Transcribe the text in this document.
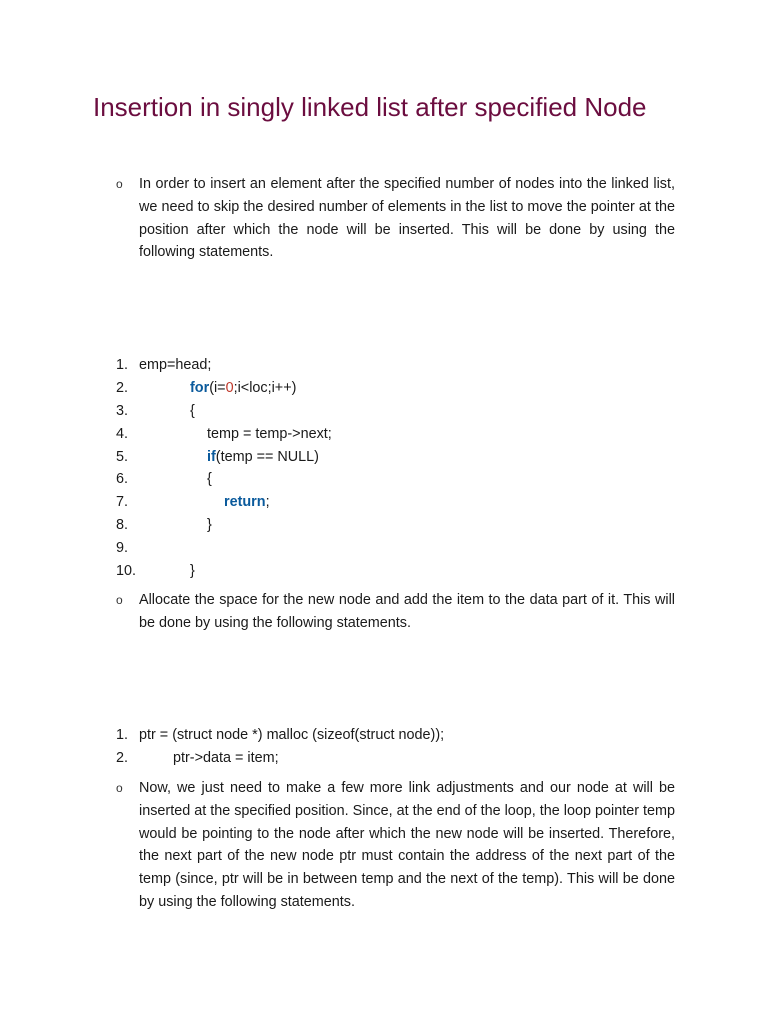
Insertion in singly linked list after specified Node
o In order to insert an element after the specified number of nodes into the linked list, we need to skip the desired number of elements in the list to move the pointer at the position after which the node will be inserted. This will be done by using the following statements.

1. emp=head;
2.	for(i=0;i<loc;i++)
3.	{
4.	temp = temp->next;
5.	if(temp == NULL)
6.	{
7.	return;
8.	}
9.
10.	}
o Allocate the space for the new node and add the item to the data part of it. This will be done by using the following statements.

1. ptr = (struct node *) malloc (sizeof(struct node));
2.	ptr->data = item;
o Now, we just need to make a few more link adjustments and our node at will be inserted at the specified position. Since, at the end of the loop, the loop pointer temp would be pointing to the node after which the new node will be inserted. Therefore, the next part of the new node ptr must contain the address of the next part of the temp (since, ptr will be in between temp and the next of the temp). This will be done by using the following statements.
